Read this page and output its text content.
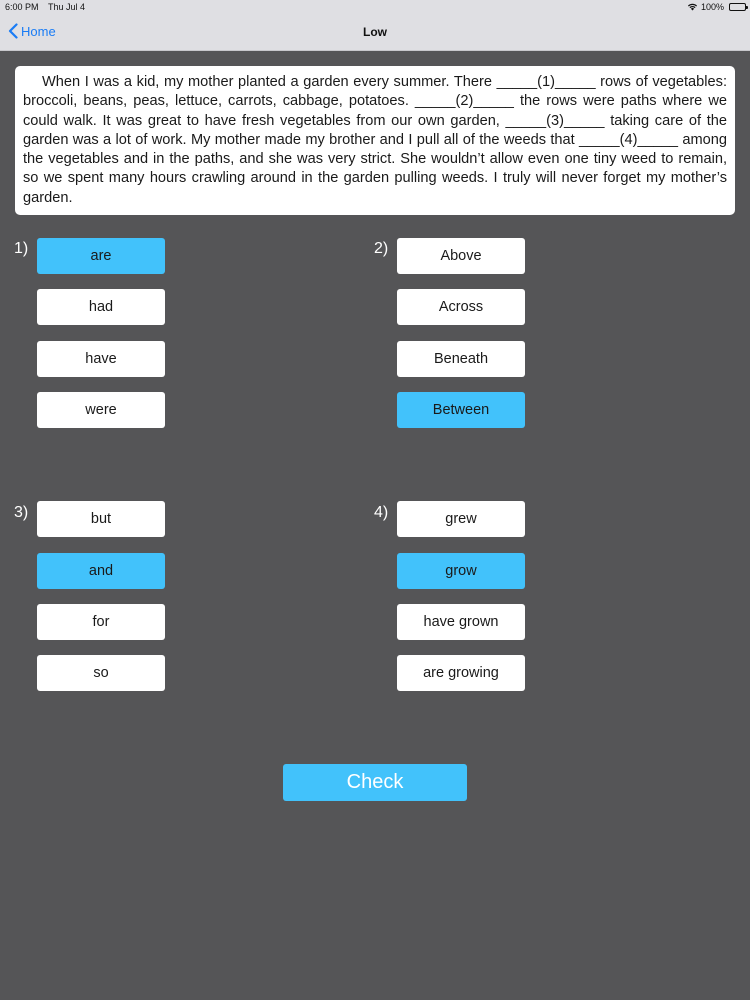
6:00 PM Thu Jul 4	100%
Home	Low
When I was a kid, my mother planted a garden every summer. There _____(1)_____ rows of vegetables: broccoli, beans, peas, lettuce, carrots, cabbage, potatoes. _____(2)_____ the rows were paths where we could walk. It was great to have fresh vegetables from our own garden, _____(3)_____ taking care of the garden was a lot of work. My mother made my brother and I pull all of the weeds that _____(4)_____ among the vegetables and in the paths, and she was very strict. She wouldn’t allow even one tiny weed to remain, so we spent many hours crawling around in the garden pulling weeds. I truly will never forget my mother’s garden.
1)	are
had
have
were
2)	Above
Across
Beneath
Between
3)	but
and
for
so
4)	grew
grow
have grown
are growing
Check
